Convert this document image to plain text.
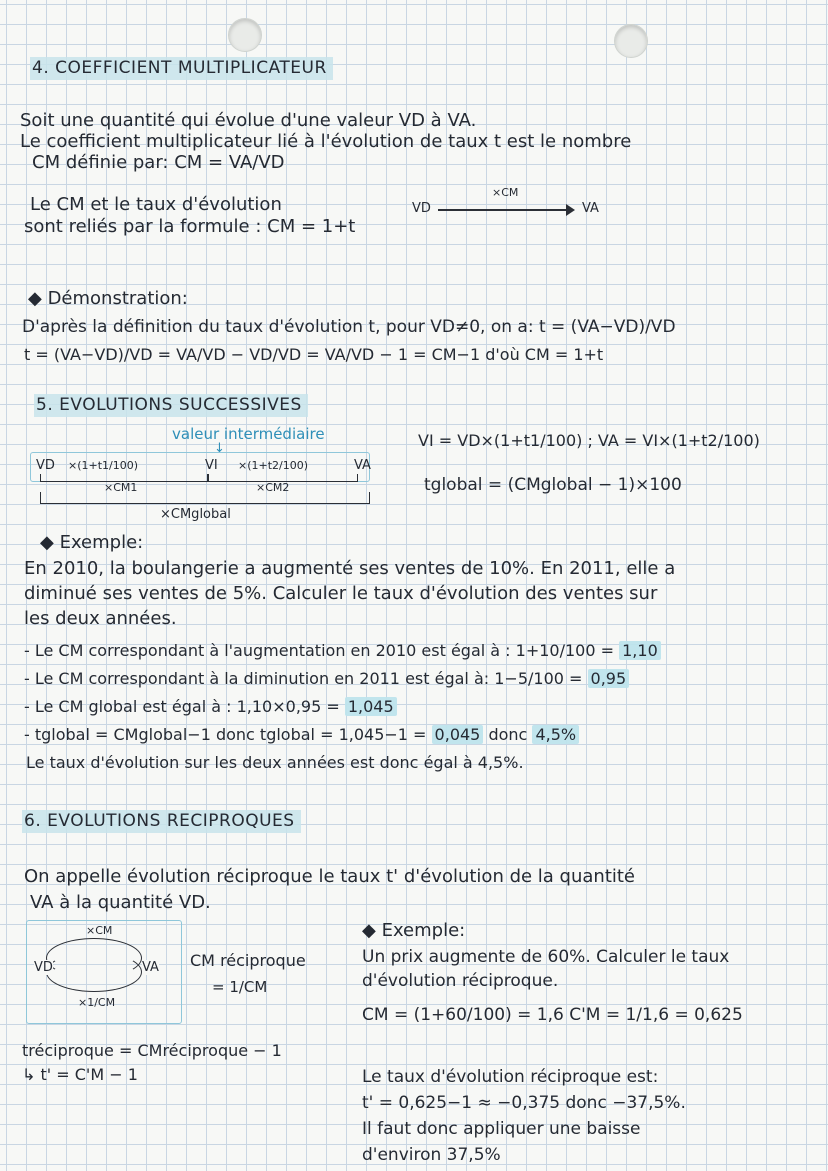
4. COEFFICIENT MULTIPLICATEUR
Soit une quantité qui évolue d'une valeur VD à VA.
Le coefficient multiplicateur lié à l'évolution de taux t est le nombre
CM définie par: CM = VA/VD
Le CM et le taux d'évolution
sont reliés par la formule : CM = 1+t
VD
×CM
VA
◆ Démonstration:
D'après la définition du taux d'évolution t, pour VD≠0, on a: t = (VA−VD)/VD
t = (VA−VD)/VD = VA/VD − VD/VD = VA/VD − 1 = CM−1 d'où CM = 1+t
5. EVOLUTIONS SUCCESSIVES
valeur intermédiaire
↓
VD ×(1+t1/100)	VI ×(1+t2/100)	VA
×CM1	×CM2
×CMglobal
VI = VD×(1+t1/100) ; VA = VI×(1+t2/100)
tglobal = (CMglobal − 1)×100
◆ Exemple:
En 2010, la boulangerie a augmenté ses ventes de 10%. En 2011, elle a
diminué ses ventes de 5%. Calculer le taux d'évolution des ventes sur
les deux années.
- Le CM correspondant à l'augmentation en 2010 est égal à : 1+10/100 = 1,10
- Le CM correspondant à la diminution en 2011 est égal à: 1−5/100 = 0,95
- Le CM global est égal à : 1,10×0,95 = 1,045
- tglobal = CMglobal−1 donc tglobal = 1,045−1 = 0,045 donc 4,5%
Le taux d'évolution sur les deux années est donc égal à 4,5%.
6. EVOLUTIONS RECIPROQUES
On appelle évolution réciproque le taux t' d'évolution de la quantité
VA à la quantité VD.
×CM
VD	VA
×1/CM
CM réciproque
= 1/CM
tréciproque = CMréciproque − 1
↳ t' = C'M − 1
◆ Exemple:
Un prix augmente de 60%. Calculer le taux
d'évolution réciproque.
CM = (1+60/100) = 1,6 C'M = 1/1,6 = 0,625
Le taux d'évolution réciproque est:
t' = 0,625−1 ≈ −0,375 donc −37,5%.
Il faut donc appliquer une baisse
d'environ 37,5%
